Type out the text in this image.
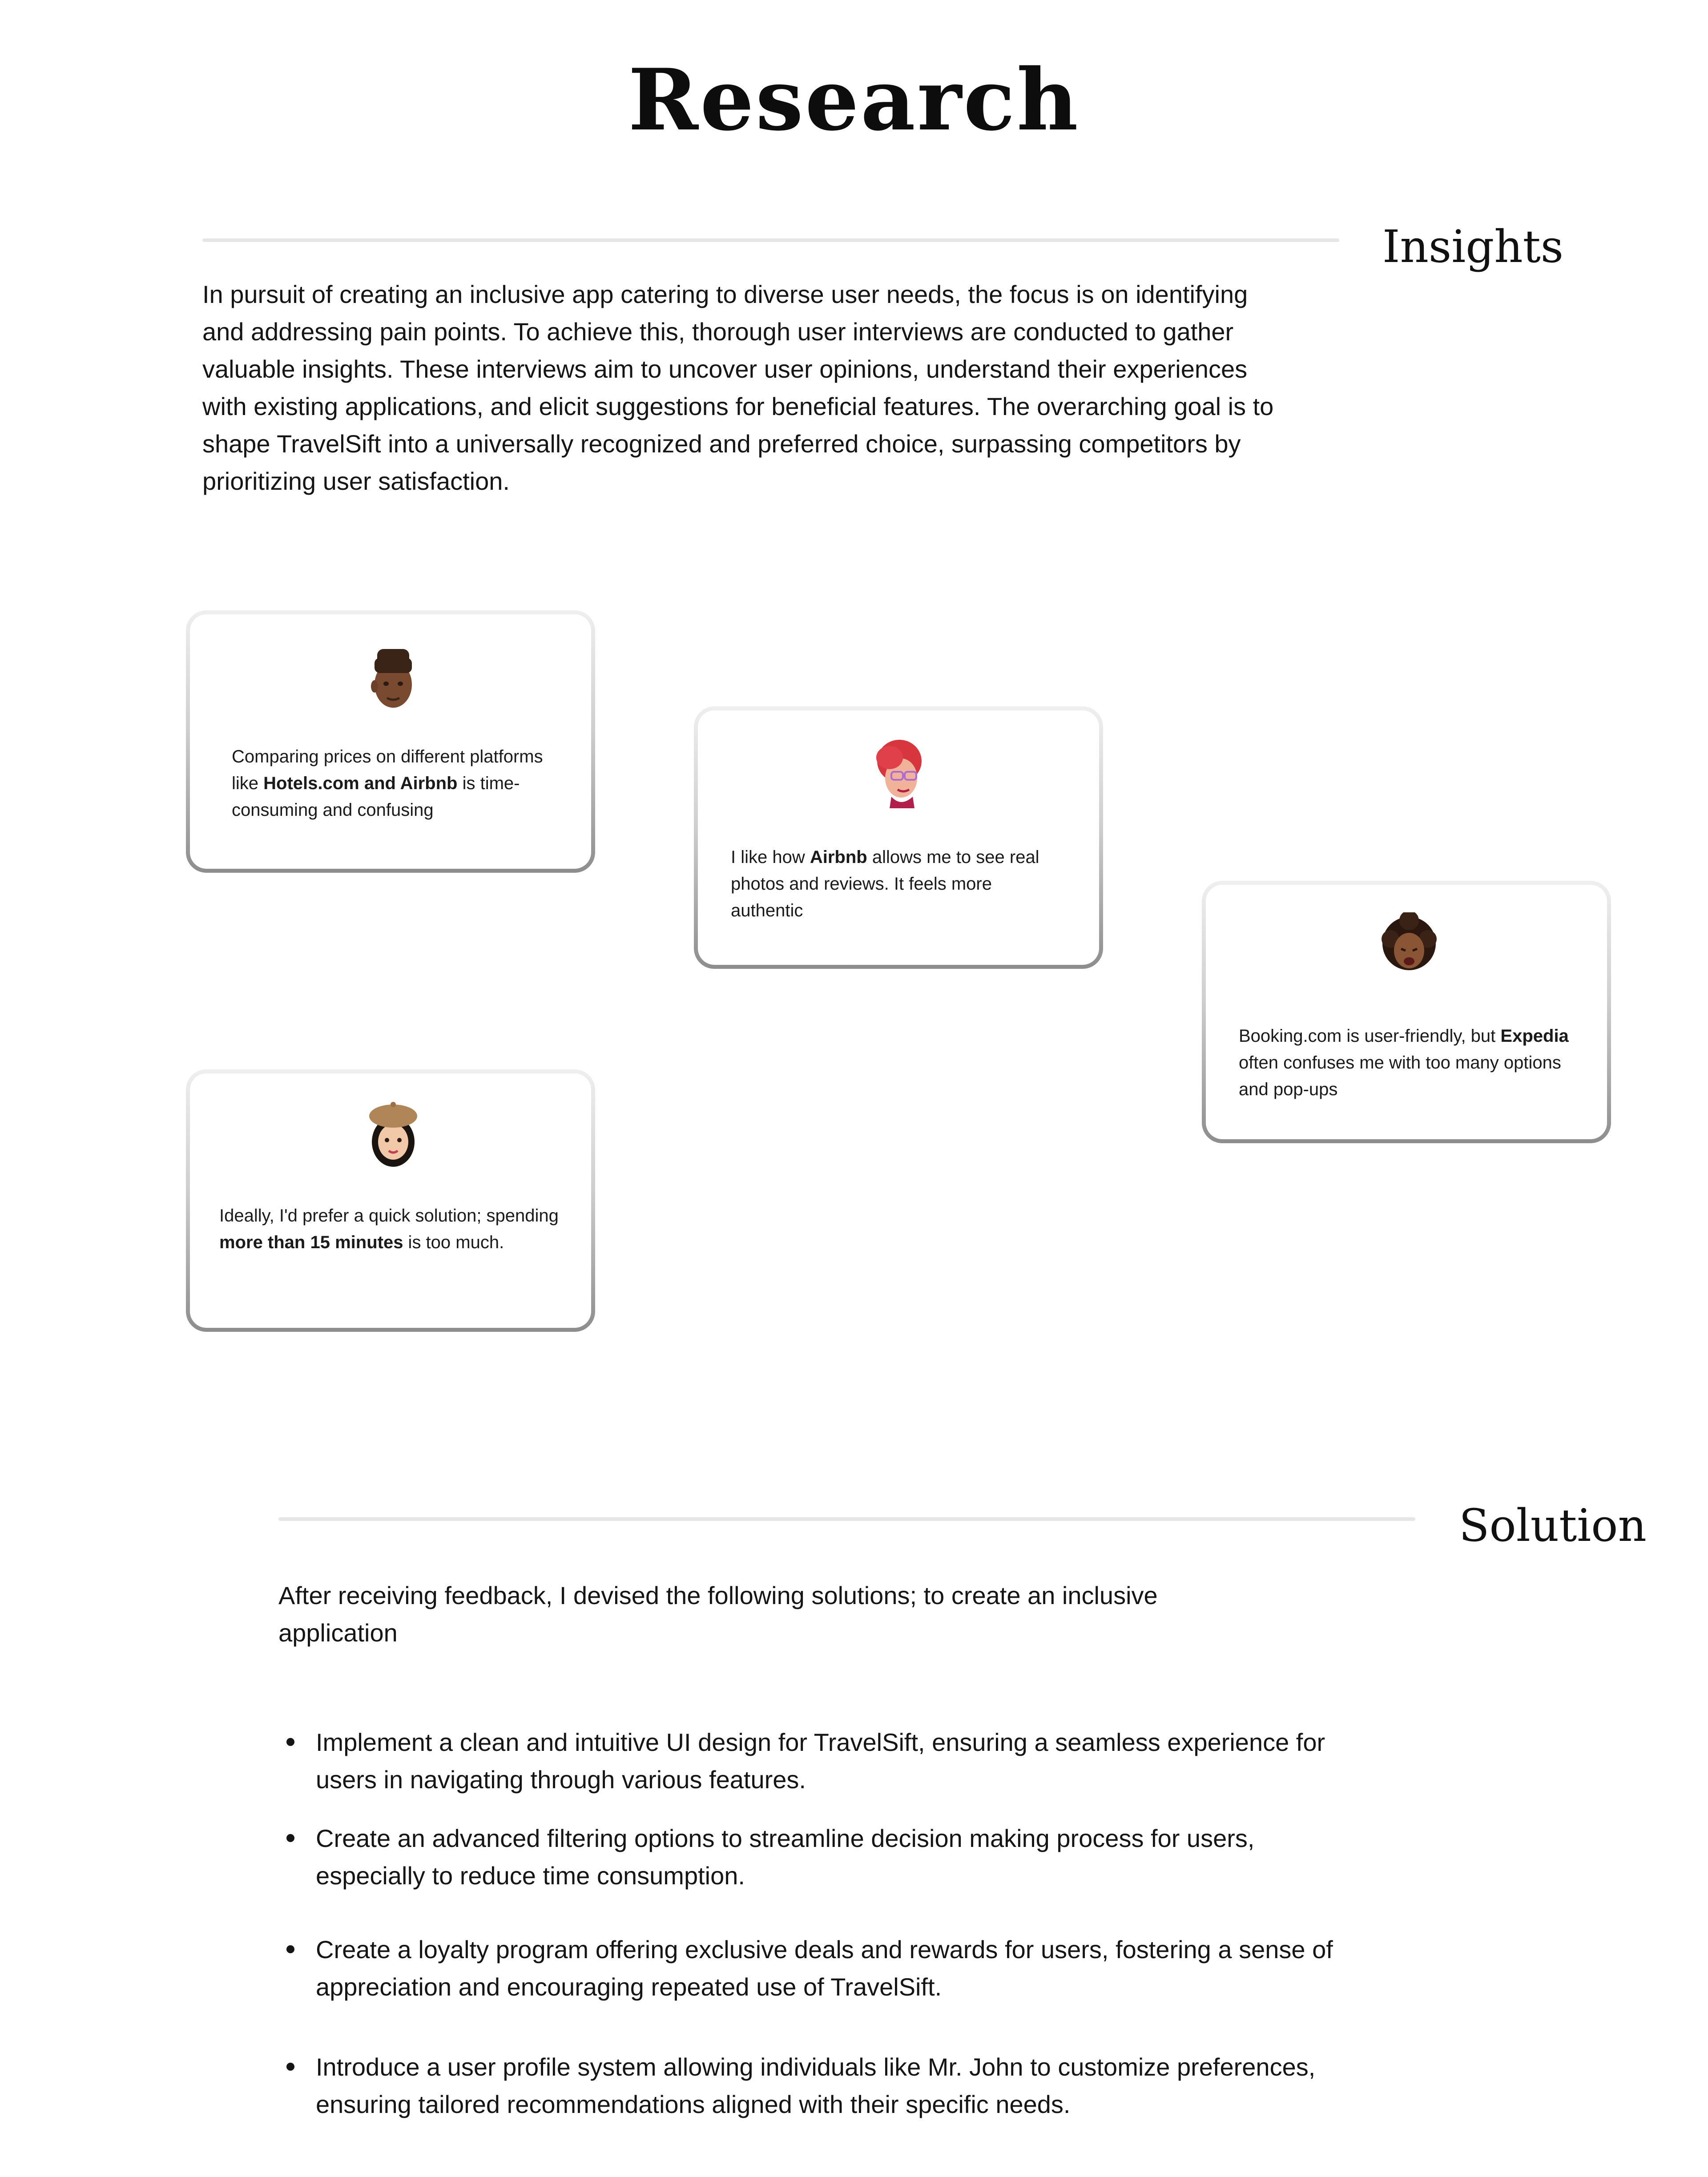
Research
Insights

In pursuit of creating an inclusive app catering to diverse user needs, the focus is on identifying and addressing pain points. To achieve this, thorough user interviews are conducted to gather valuable insights. These interviews aim to uncover user opinions, understand their experiences with existing applications, and elicit suggestions for beneficial features. The overarching goal is to shape TravelSift into a universally recognized and preferred choice, surpassing competitors by prioritizing user satisfaction.

Comparing prices on different platforms like Hotels.com and Airbnb is time-consuming and confusing
I like how Airbnb allows me to see real photos and reviews. It feels more authentic
Booking.com is user-friendly, but Expedia often confuses me with too many options and pop-ups
Ideally, I'd prefer a quick solution; spending more than 15 minutes is too much.
Solution

After receiving feedback, I devised the following solutions; to create an inclusive application

Implement a clean and intuitive UI design for TravelSift, ensuring a seamless experience for users in navigating through various features.
Create an advanced filtering options to streamline decision making process for users, especially to reduce time consumption.
Create a loyalty program offering exclusive deals and rewards for users, fostering a sense of appreciation and encouraging repeated use of TravelSift.
Introduce a user profile system allowing individuals like Mr. John to customize preferences, ensuring tailored recommendations aligned with their specific needs.
